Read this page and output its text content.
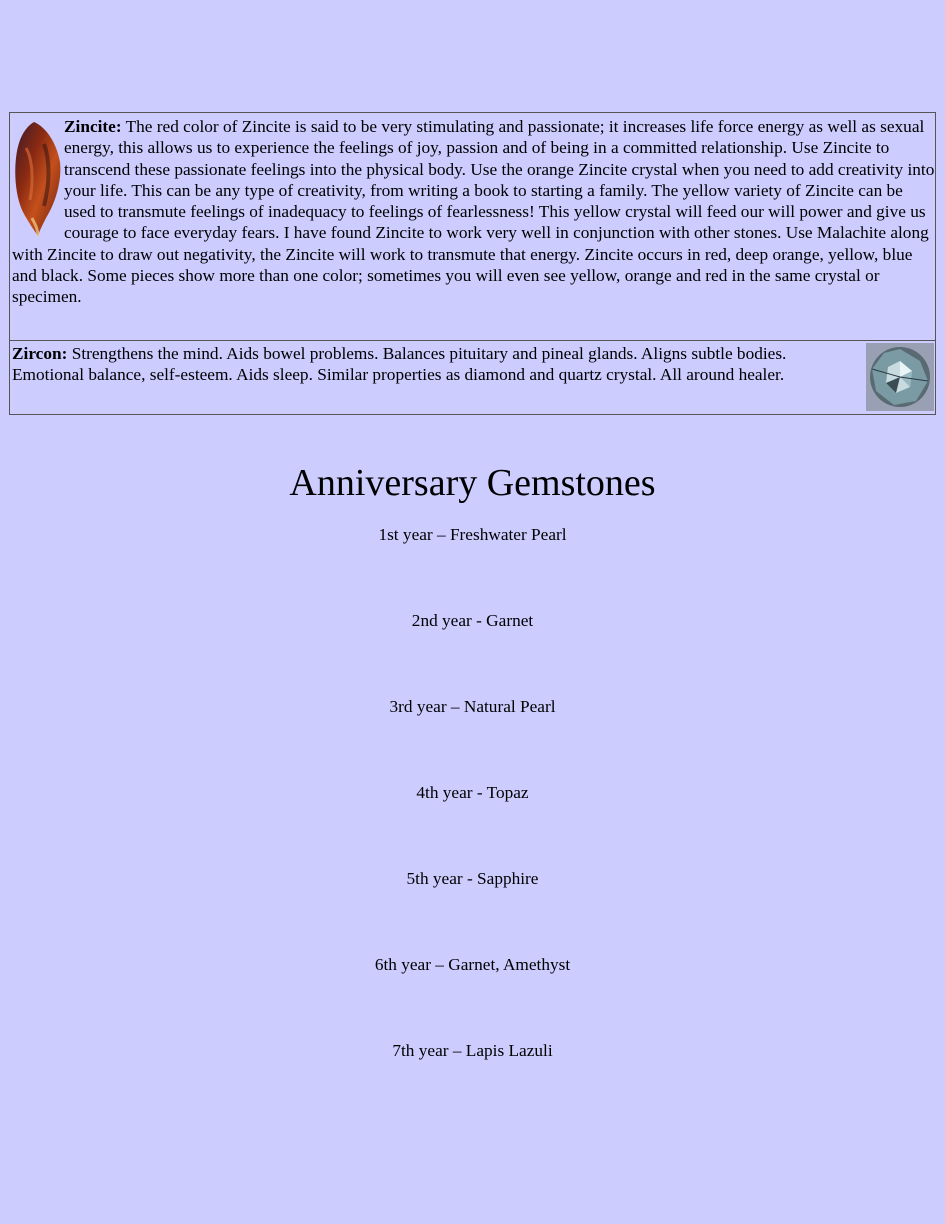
Zincite: The red color of Zincite is said to be very stimulating and passionate; it increases life force energy as well as sexual energy, this allows us to experience the feelings of joy, passion and of being in a committed relationship. Use Zincite to transcend these passionate feelings into the physical body. Use the orange Zincite crystal when you need to add creativity into your life. This can be any type of creativity, from writing a book to starting a family. The yellow variety of Zincite can be used to transmute feelings of inadequacy to feelings of fearlessness! This yellow crystal will feed our will power and give us courage to face everyday fears. I have found Zincite to work very well in conjunction with other stones. Use Malachite along with Zincite to draw out negativity, the Zincite will work to transmute that energy. Zincite occurs in red, deep orange, yellow, blue and black. Some pieces show more than one color; sometimes you will even see yellow, orange and red in the same crystal or specimen.
Zircon: Strengthens the mind. Aids bowel problems. Balances pituitary and pineal glands. Aligns subtle bodies. Emotional balance, self-esteem. Aids sleep. Similar properties as diamond and quartz crystal. All around healer.
Anniversary Gemstones
1st year – Freshwater Pearl
2nd year - Garnet
3rd year – Natural Pearl
4th year - Topaz
5th year - Sapphire
6th year – Garnet, Amethyst
7th year – Lapis Lazuli
